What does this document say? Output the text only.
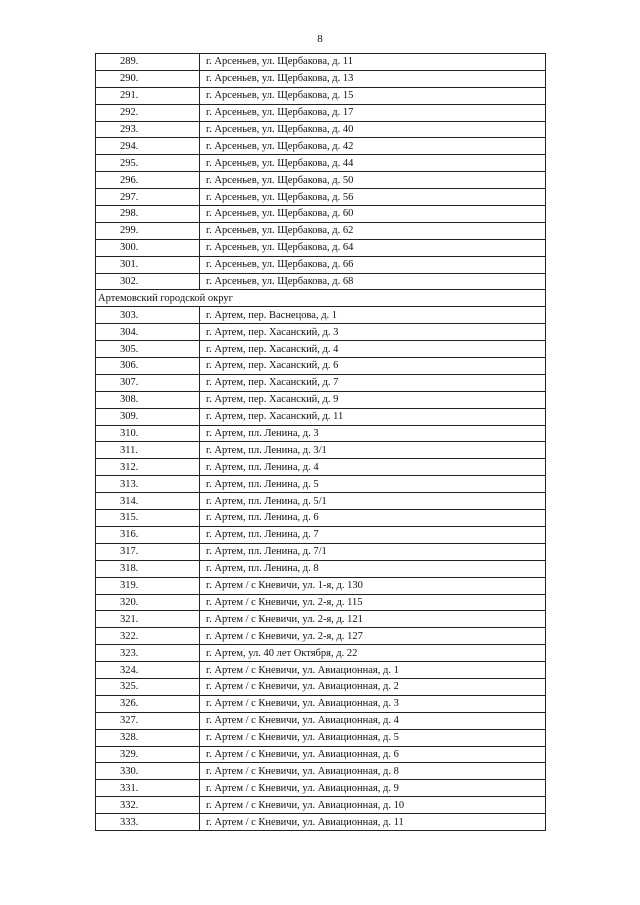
8
289.	г. Арсеньев, ул. Щербакова, д. 11
290.	г. Арсеньев, ул. Щербакова, д. 13
291.	г. Арсеньев, ул. Щербакова, д. 15
292.	г. Арсеньев, ул. Щербакова, д. 17
293.	г. Арсеньев, ул. Щербакова, д. 40
294.	г. Арсеньев, ул. Щербакова, д. 42
295.	г. Арсеньев, ул. Щербакова, д. 44
296.	г. Арсеньев, ул. Щербакова, д. 50
297.	г. Арсеньев, ул. Щербакова, д. 56
298.	г. Арсеньев, ул. Щербакова, д. 60
299.	г. Арсеньев, ул. Щербакова, д. 62
300.	г. Арсеньев, ул. Щербакова, д. 64
301.	г. Арсеньев, ул. Щербакова, д. 66
302.	г. Арсеньев, ул. Щербакова, д. 68
Артемовский городской округ	
303.	г. Артем, пер. Васнецова, д. 1
304.	г. Артем, пер. Хасанский, д. 3
305.	г. Артем, пер. Хасанский, д. 4
306.	г. Артем, пер. Хасанский, д. 6
307.	г. Артем, пер. Хасанский, д. 7
308.	г. Артем, пер. Хасанский, д. 9
309.	г. Артем, пер. Хасанский, д. 11
310.	г. Артем, пл. Ленина, д. 3
311.	г. Артем, пл. Ленина, д. 3/1
312.	г. Артем, пл. Ленина, д. 4
313.	г. Артем, пл. Ленина, д. 5
314.	г. Артем, пл. Ленина, д. 5/1
315.	г. Артем, пл. Ленина, д. 6
316.	г. Артем, пл. Ленина, д. 7
317.	г. Артем, пл. Ленина, д. 7/1
318.	г. Артем, пл. Ленина, д. 8
319.	г. Артем / с Кневичи, ул. 1-я, д. 130
320.	г. Артем / с Кневичи, ул. 2-я, д. 115
321.	г. Артем / с Кневичи, ул. 2-я, д. 121
322.	г. Артем / с Кневичи, ул. 2-я, д. 127
323.	г. Артем, ул. 40 лет Октября, д. 22
324.	г. Артем / с Кневичи, ул. Авиационная, д. 1
325.	г. Артем / с Кневичи, ул. Авиационная, д. 2
326.	г. Артем / с Кневичи, ул. Авиационная, д. 3
327.	г. Артем / с Кневичи, ул. Авиационная, д. 4
328.	г. Артем / с Кневичи, ул. Авиационная, д. 5
329.	г. Артем / с Кневичи, ул. Авиационная, д. 6
330.	г. Артем / с Кневичи, ул. Авиационная, д. 8
331.	г. Артем / с Кневичи, ул. Авиационная, д. 9
332.	г. Артем / с Кневичи, ул. Авиационная, д. 10
333.	г. Артем / с Кневичи, ул. Авиационная, д. 11
